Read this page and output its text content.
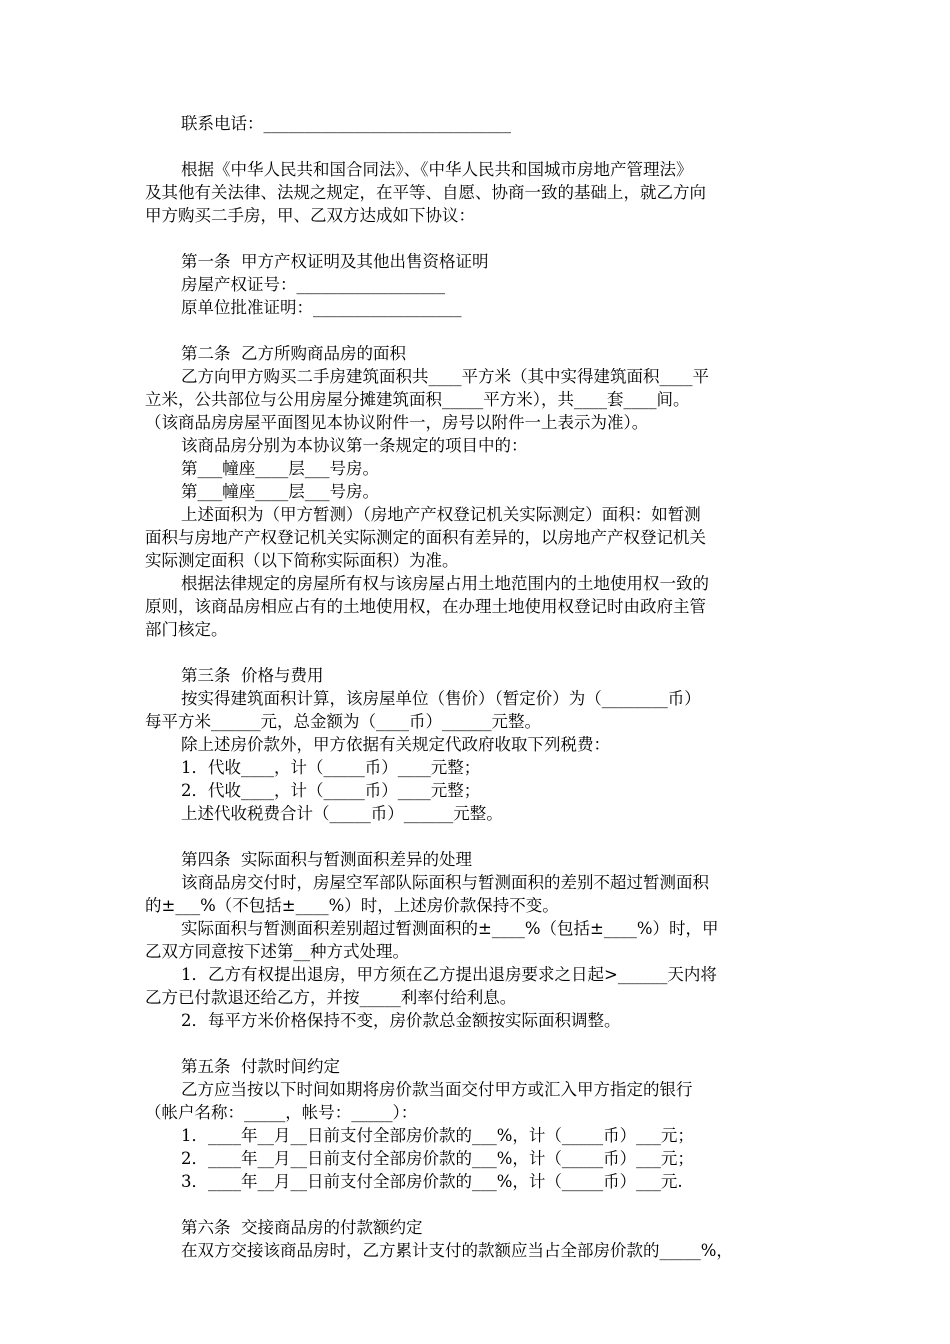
联系电话：______________________________
根据《中华人民共和国合同法》、《中华人民共和国城市房地产管理法》
及其他有关法律、法规之规定，在平等、自愿、协商一致的基础上，就乙方向
甲方购买二手房，甲、乙双方达成如下协议：
第一条  甲方产权证明及其他出售资格证明
房屋产权证号：__________________
原单位批准证明：__________________
第二条  乙方所购商品房的面积
乙方向甲方购买二手房建筑面积共____平方米（其中实得建筑面积____平
立米，公共部位与公用房屋分摊建筑面积_____平方米），共____套____间。
（该商品房房屋平面图见本协议附件一，房号以附件一上表示为准）。
该商品房分别为本协议第一条规定的项目中的：
第___幢座____层___号房。
第___幢座____层___号房。
上述面积为（甲方暂测）（房地产产权登记机关实际测定）面积：如暂测
面积与房地产产权登记机关实际测定的面积有差异的，以房地产产权登记机关
实际测定面积（以下简称实际面积）为准。
根据法律规定的房屋所有权与该房屋占用土地范围内的土地使用权一致的
原则，该商品房相应占有的土地使用权，在办理土地使用权登记时由政府主管
部门核定。
第三条  价格与费用
按实得建筑面积计算，该房屋单位（售价）（暂定价）为（________币）
每平方米______元，总金额为（____币）______元整。
除上述房价款外，甲方依据有关规定代政府收取下列税费：
1．代收____，计（_____币）____元整；
2．代收____，计（_____币）____元整；
上述代收税费合计（_____币）______元整。
第四条  实际面积与暂测面积差异的处理
该商品房交付时，房屋空军部队际面积与暂测面积的差别不超过暂测面积
的±___%（不包括±____%）时，上述房价款保持不变。
实际面积与暂测面积差别超过暂测面积的±____%（包括±____%）时，甲
乙双方同意按下述第__种方式处理。
1．乙方有权提出退房，甲方须在乙方提出退房要求之日起>______天内将
乙方已付款退还给乙方，并按_____利率付给利息。
2．每平方米价格保持不变，房价款总金额按实际面积调整。
第五条  付款时间约定
乙方应当按以下时间如期将房价款当面交付甲方或汇入甲方指定的银行
（帐户名称：_____，帐号：_____）：
1．____年__月__日前支付全部房价款的___%，计（_____币）___元；
2．____年__月__日前支付全部房价款的___%，计（_____币）___元；
3．____年__月__日前支付全部房价款的___%，计（_____币）___元.
第六条  交接商品房的付款额约定
在双方交接该商品房时，乙方累计支付的款额应当占全部房价款的_____%，
